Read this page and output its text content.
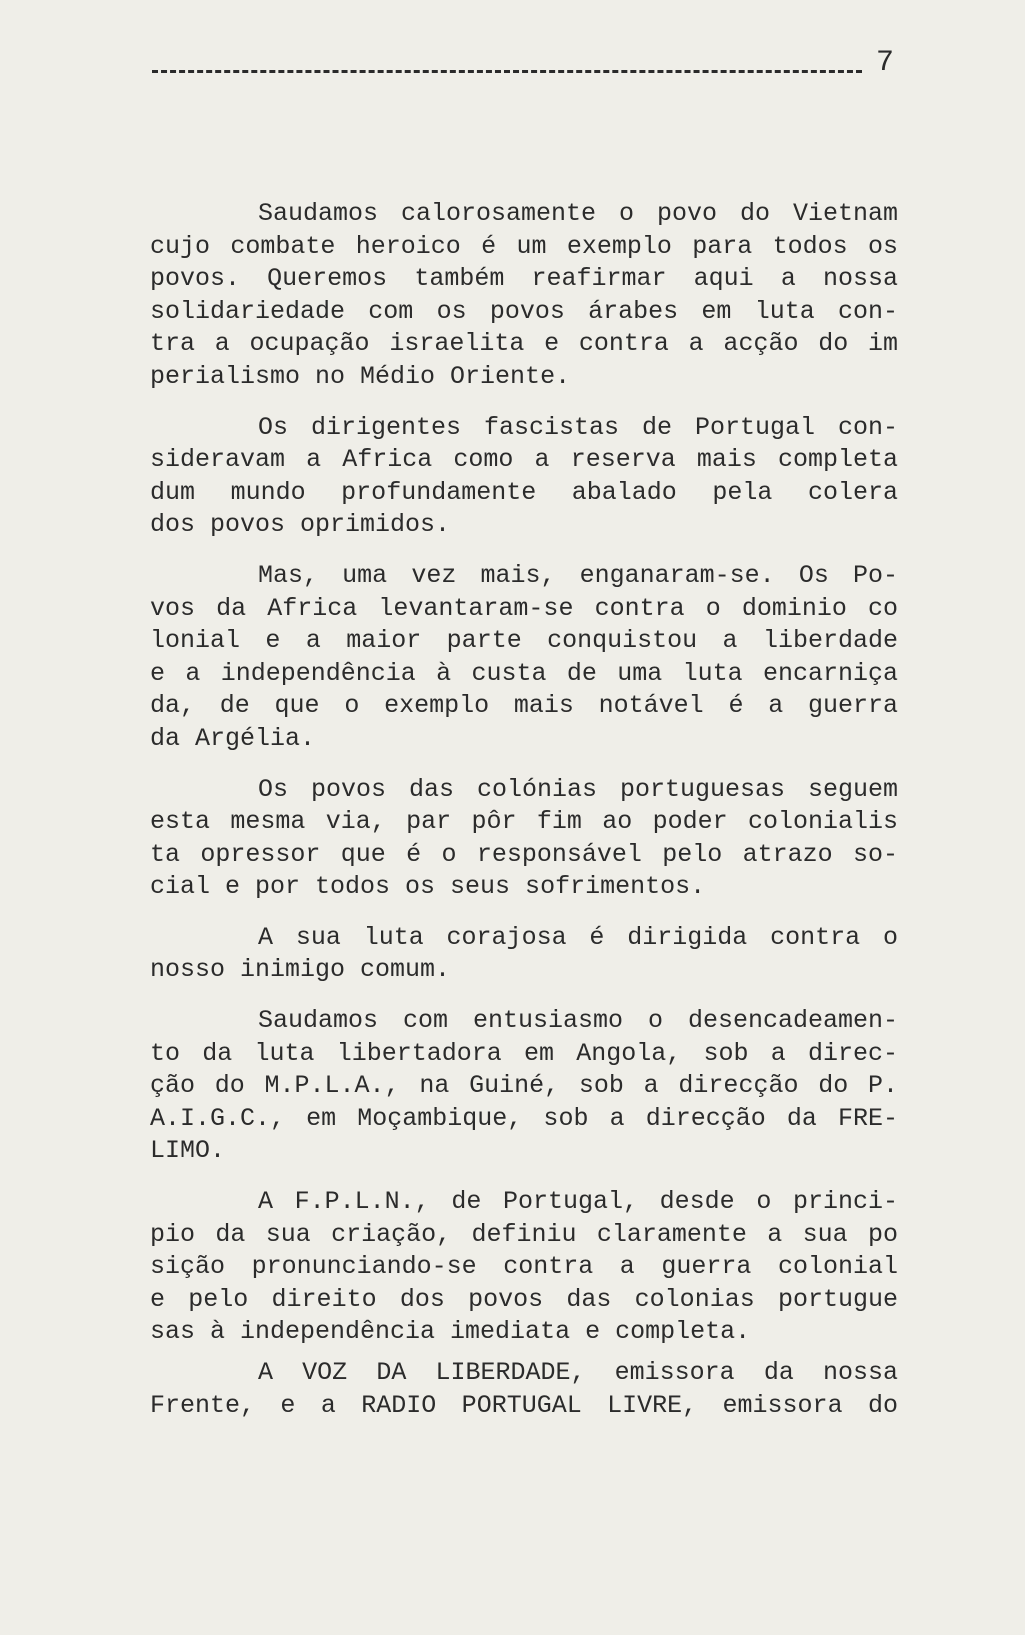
7
Saudamos calorosamente o povo do Vietnam
cujo combate heroico é um exemplo para todos os
povos. Queremos também reafirmar aqui a nossa
solidariedade com os povos árabes em luta con-
tra a ocupação israelita e contra a acção do im
perialismo no Médio Oriente.
Os dirigentes fascistas de Portugal con-
sideravam a Africa como a reserva mais completa
dum mundo profundamente abalado pela colera
dos povos oprimidos.
Mas, uma vez mais, enganaram-se. Os Po-
vos da Africa levantaram-se contra o dominio co
lonial e a maior parte conquistou a liberdade
e a independência à custa de uma luta encarniça
da, de que o exemplo mais notável é a guerra
da Argélia.
Os povos das colónias portuguesas seguem
esta mesma via, par pôr fim ao poder colonialis
ta opressor que é o responsável pelo atrazo so-
cial e por todos os seus sofrimentos.
A sua luta corajosa é dirigida contra o
nosso inimigo comum.
Saudamos com entusiasmo o desencadeamen-
to da luta libertadora em Angola, sob a direc-
ção do M.P.L.A., na Guiné, sob a direcção do P.
A.I.G.C., em Moçambique, sob a direcção da FRE-
LIMO.
A F.P.L.N., de Portugal, desde o princi-
pio da sua criação, definiu claramente a sua po
sição pronunciando-se contra a guerra colonial
e pelo direito dos povos das colonias portugue
sas à independência imediata e completa.
A VOZ DA LIBERDADE, emissora da nossa
Frente, e a RADIO PORTUGAL LIVRE, emissora do
